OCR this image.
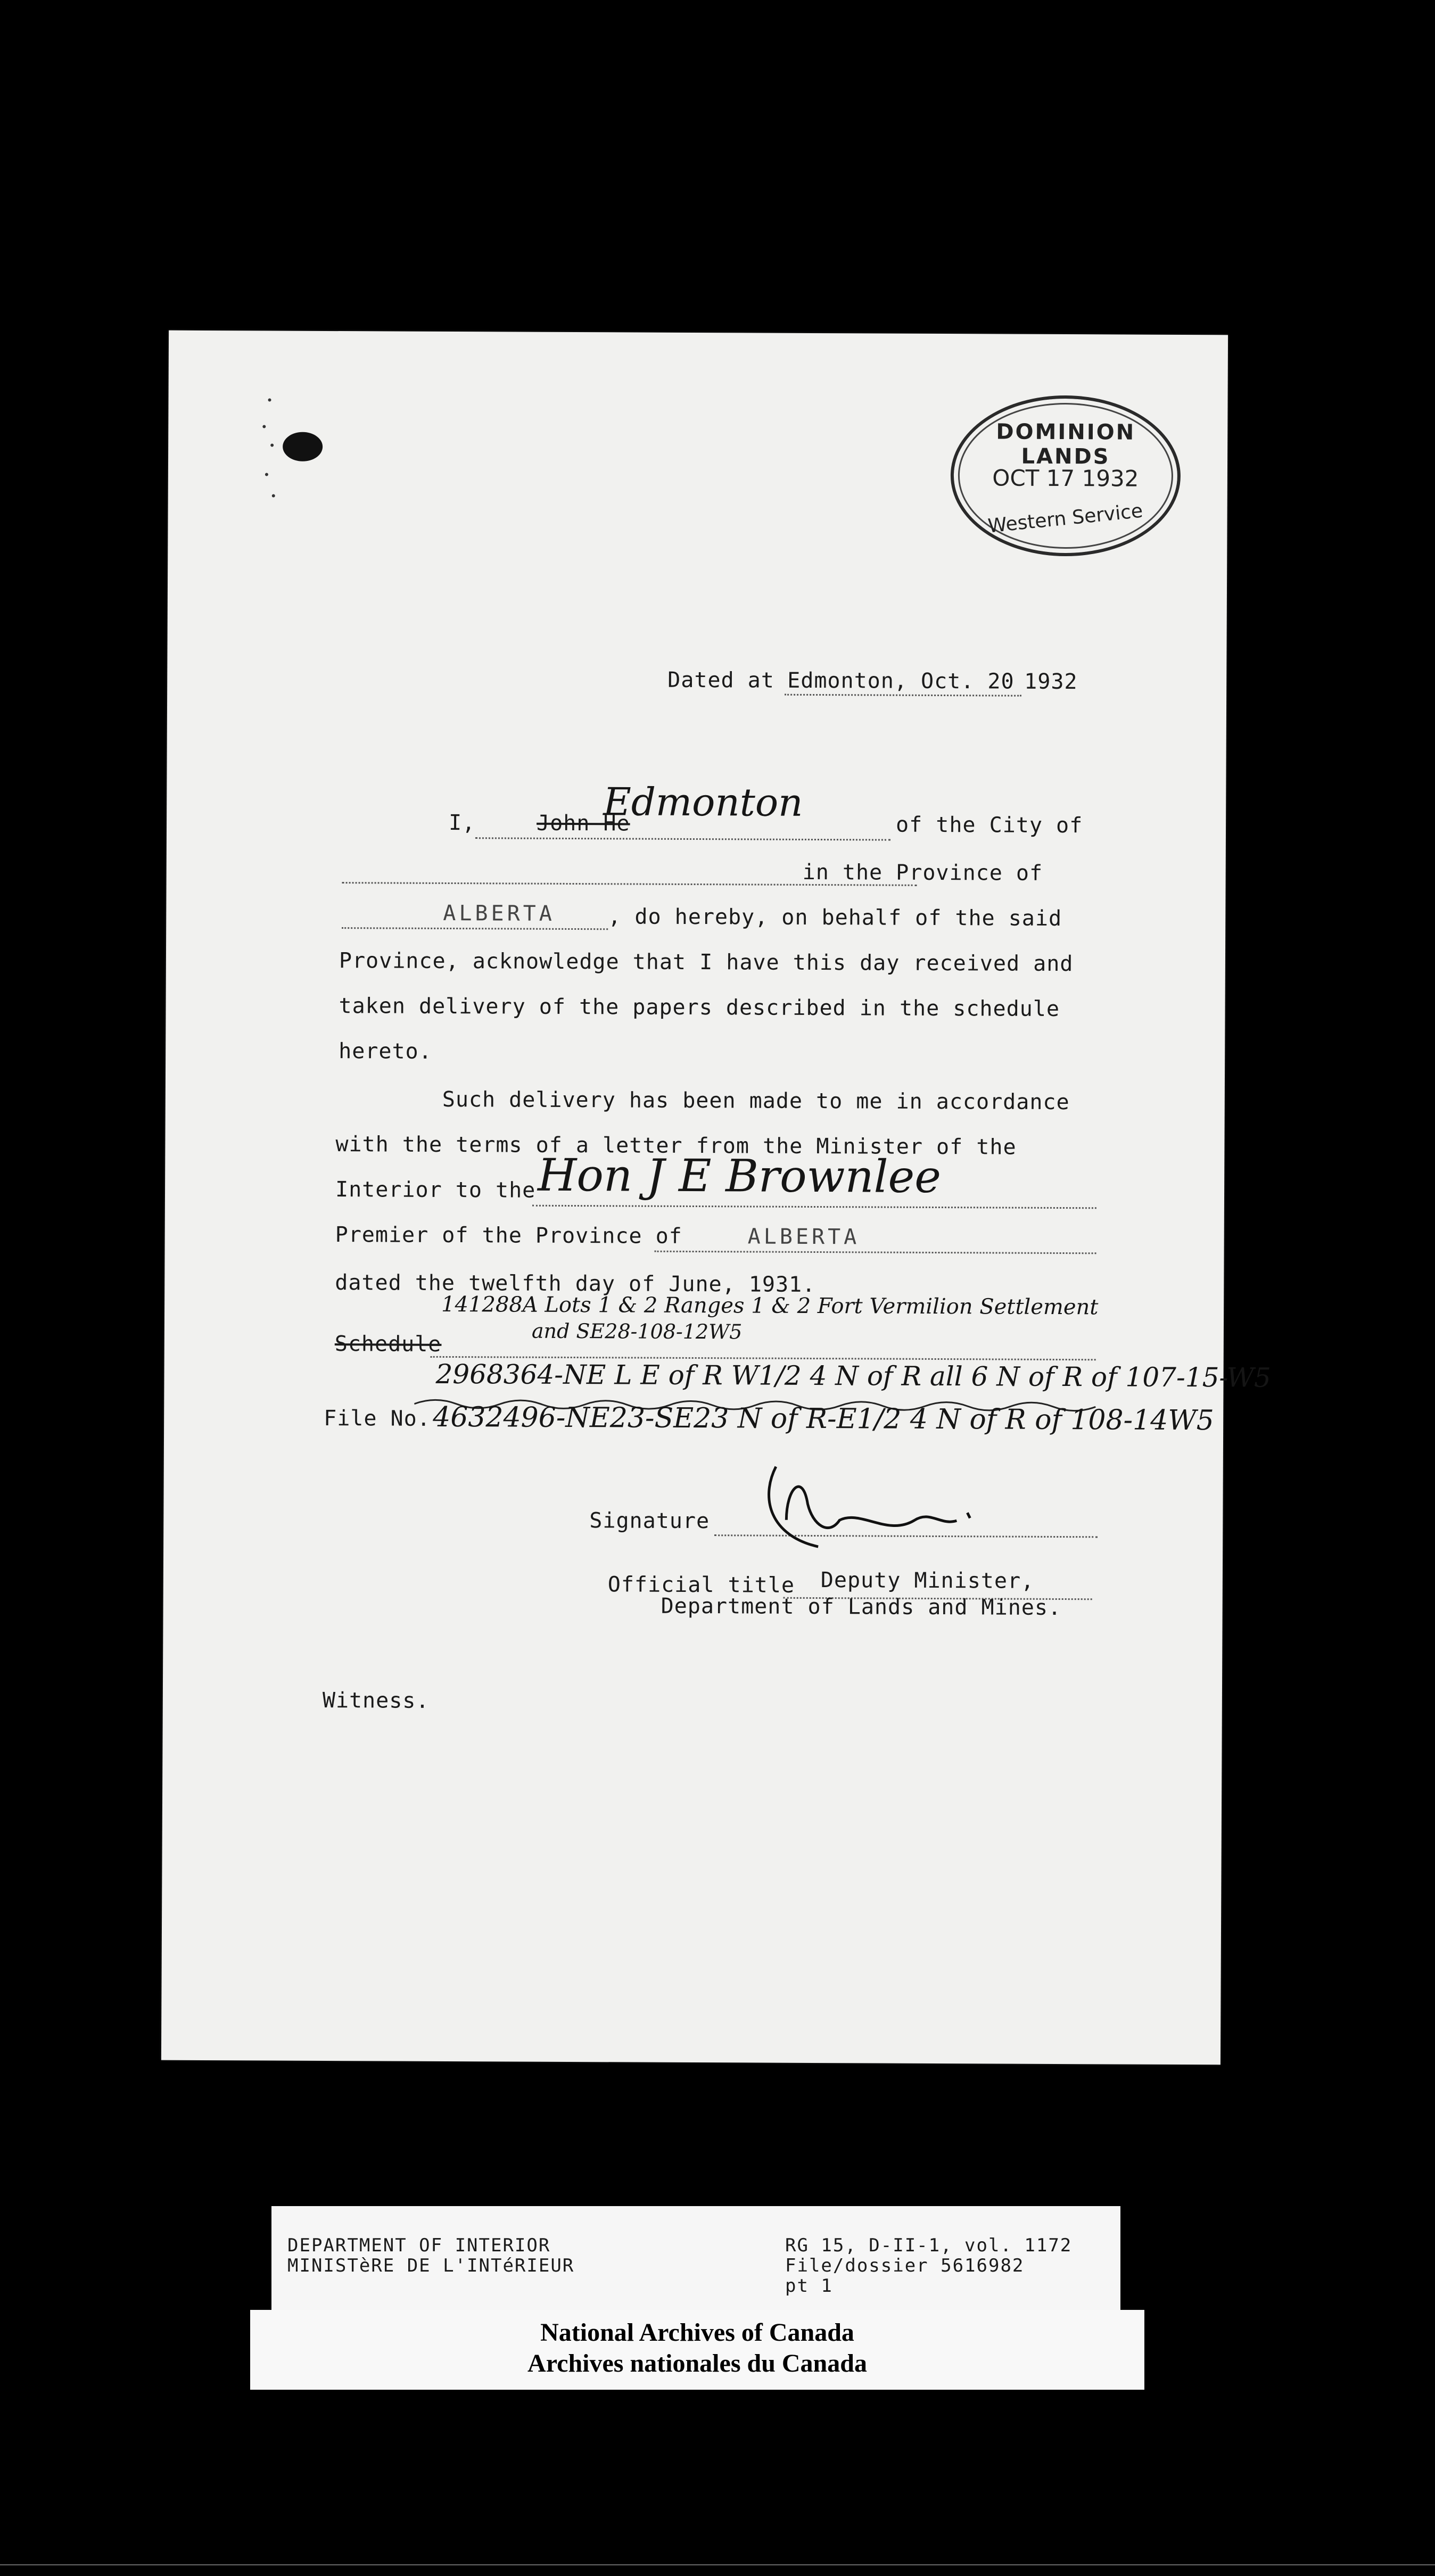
DOMINION LANDS
OCT 17 1932
Western Service
Dated at Edmonton, Oct. 20 1932
I,	John He
Edmonton
of the City of
in the Province of
ALBERTA , do hereby, on behalf of the said
Province, acknowledge that I have this day received and
taken delivery of the papers described in the schedule
hereto.
Such delivery has been made to me in accordance
with the terms of a letter from the Minister of the
Interior to the Hon J E Brownlee
Premier of the Province of	ALBERTA
dated the twelfth day of June, 1931.
141288A Lots 1 & 2 Ranges 1 & 2 Fort Vermilion Settlement
and SE28-108-12W5
Schedule
2968364-NE L E of R W1/2 4 N of R all 6 N of R of 107-15-W5
File No. 4632496-NE23-SE23 N of R-E1/2 4 N of R of 108-14W5
Signature
Official title Deputy Minister,
Department of Lands and Mines.
Witness.
DEPARTMENT OF INTERIOR
MINISTèRE DE L'INTéRIEUR
RG 15, D-II-1, vol. 1172
File/dossier 5616982
pt 1
National Archives of Canada
Archives nationales du Canada
